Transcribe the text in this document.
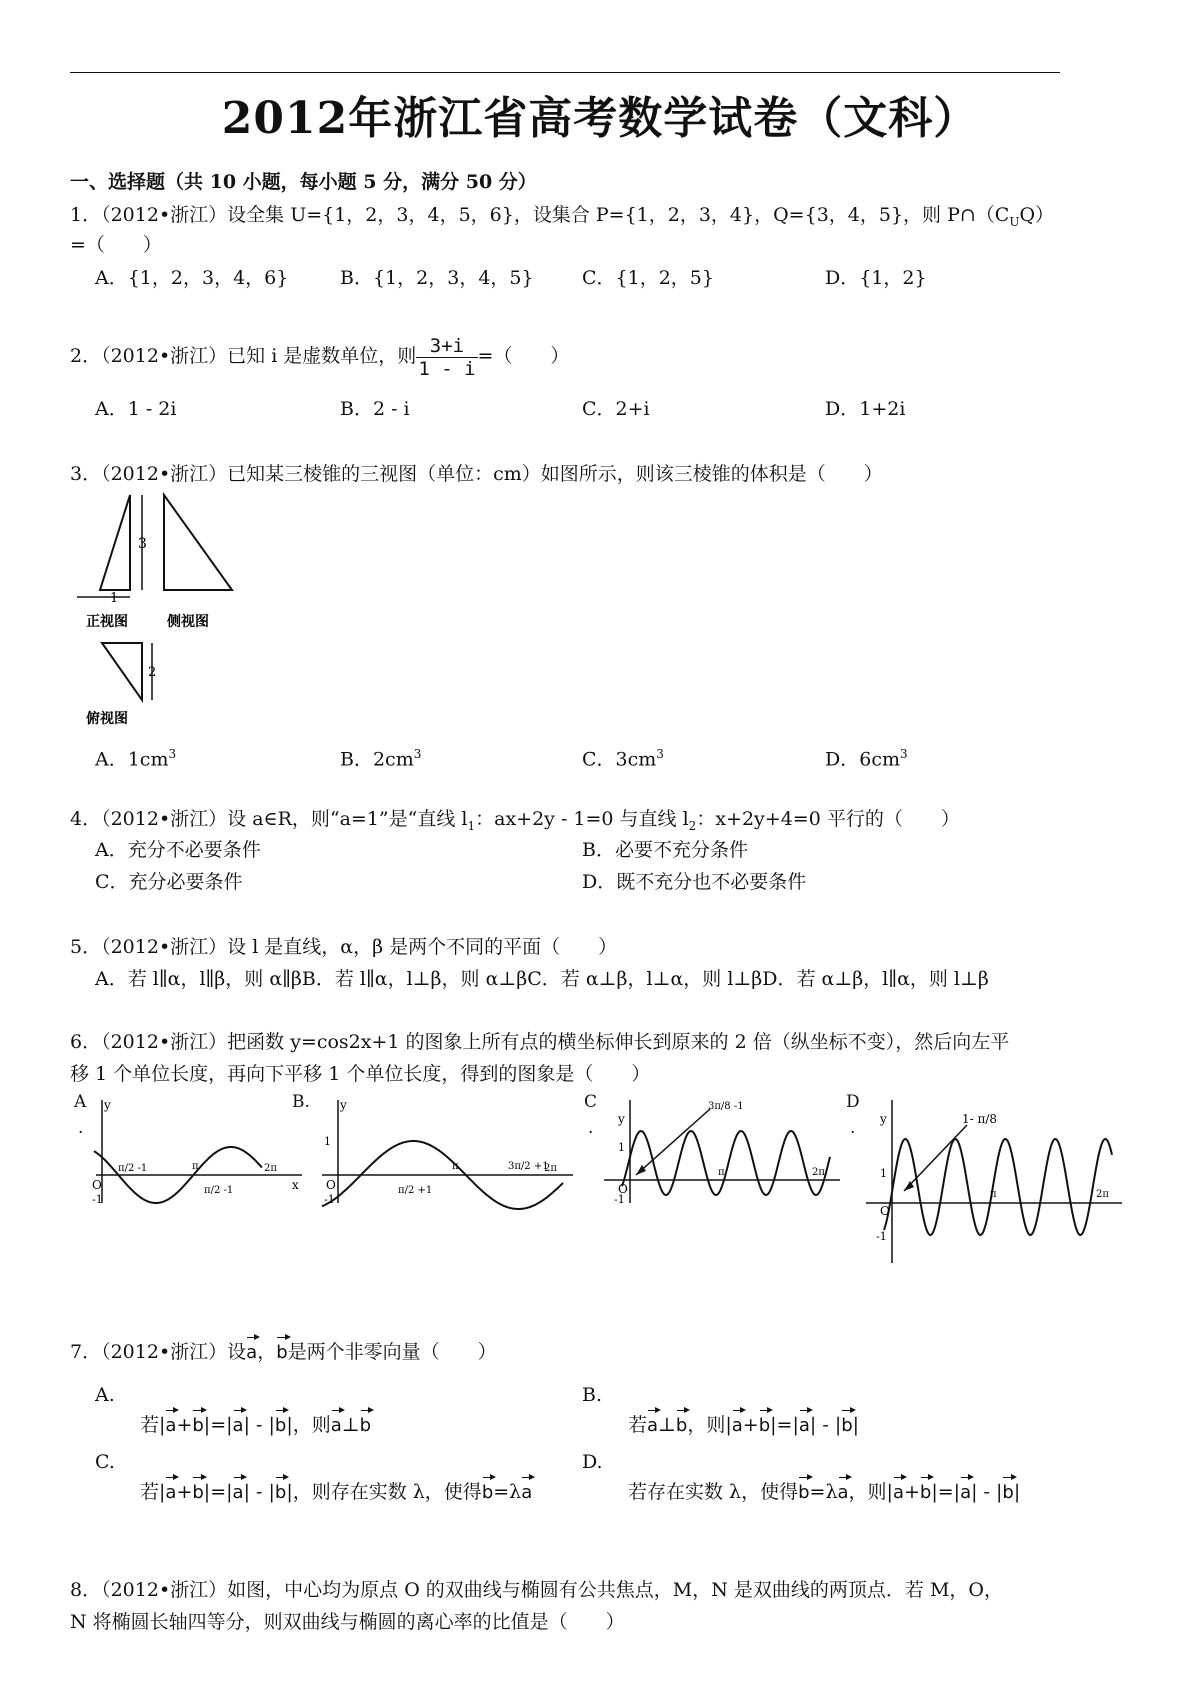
2012年浙江省高考数学试卷（文科）
一、选择题（共 10 小题，每小题 5 分，满分 50 分）
1．（2012•浙江）设全集 U={1，2，3，4，5，6}，设集合 P={1，2，3，4}，Q={3，4，5}，则 $P\cap(C_UQ)$
=（　　）
A．{1，2，3，4，6}	B．{1，2，3，4，5}	C．{1，2，5}	D．{1，2}
2．（2012•浙江）已知 i 是虚数单位，则 $\frac{3+i}{1 - i}$ =（　　）
A．1 - 2i	B．2 - i	C．2+i	D．1+2i
3．（2012•浙江）已知某三棱锥的三视图（单位：cm）如图所示，则该三棱锥的体积是（　　）
3
1
正视图	侧视图
2
俯视图
A．$1cm^3$	B．$2cm^3$	C．$3cm^3$	D．$6cm^3$
4．（2012•浙江）设 a∈R，则“a=1”是“直线 $l_1$：ax+2y - 1=0 与直线 $l_2$：x+2y+4=0 平行的（　　）
A．充分不必要条件	B．必要不充分条件
C．充分必要条件	D．既不充分也不必要条件
5．（2012•浙江）设 l 是直线，α，β 是两个不同的平面（　　）
A．若 l∥α，l∥β，则 α∥βB．若 l∥α，l⊥β，则 α⊥βC．若 α⊥β，l⊥α，则 l⊥βD．若 α⊥β，l∥α，则 l⊥β
6．（2012•浙江）把函数 y=cos2x+1 的图象上所有点的横坐标伸长到原来的 2 倍（纵坐标不变），然后向左平
移 1 个单位长度，再向下平移 1 个单位长度，得到的图象是（　　）
A
.
B.	C
.
D
.
y
x
O
-1
π/2 -1	π
π/2 -1
2π
y
1
O
-1
π/2 +1
π	3π/2 +1
2π
y
1
O
-1
3π/8 -1
π	2π
y
1
O
-1
1- π/8
π	2π
7．（2012•浙江）设a，b是两个非零向量（　　）
A.
若|a+b|=|a| - |b|，则a⊥b
B.
若a⊥b，则|a+b|=|a| - |b|
C.
若|a+b|=|a| - |b|，则存在实数 λ，使得b=λa
D.
若存在实数 λ，使得b=λa，则|a+b|=|a| - |b|
8．（2012•浙江）如图，中心均为原点 O 的双曲线与椭圆有公共焦点，M，N 是双曲线的两顶点．若 M，O，
N 将椭圆长轴四等分，则双曲线与椭圆的离心率的比值是（　　）
